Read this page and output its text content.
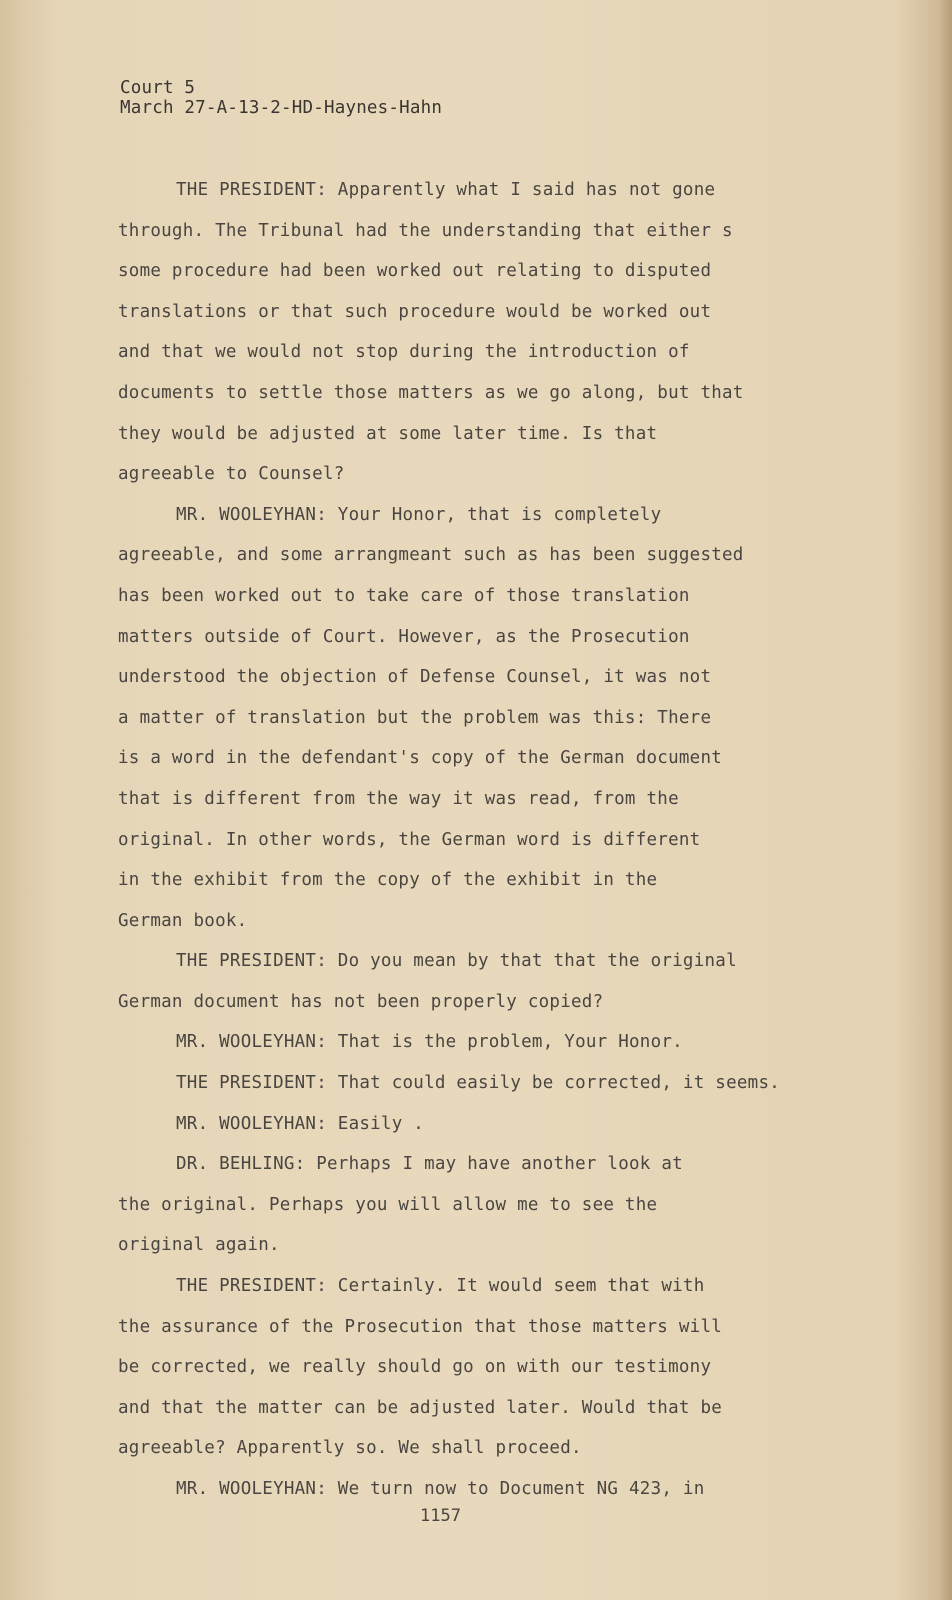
Court 5
March 27-A-13-2-HD-Haynes-Hahn
THE PRESIDENT: Apparently what I said has not gone
through. The Tribunal had the understanding that either s
some procedure had been worked out relating to disputed
translations or that such procedure would be worked out
and that we would not stop during the introduction of
documents to settle those matters as we go along, but that
they would be adjusted at some later time. Is that
agreeable to Counsel?
MR. WOOLEYHAN: Your Honor, that is completely
agreeable, and some arrangmeant such as has been suggested
has been worked out to take care of those translation
matters outside of Court. However, as the Prosecution
understood the objection of Defense Counsel, it was not
a matter of translation but the problem was this: There
is a word in the defendant's copy of the German document
that is different from the way it was read, from the
original. In other words, the German word is different
in the exhibit from the copy of the exhibit in the
German book.
THE PRESIDENT: Do you mean by that that the original
German document has not been properly copied?
MR. WOOLEYHAN: That is the problem, Your Honor.
THE PRESIDENT: That could easily be corrected, it seems.
MR. WOOLEYHAN: Easily .
DR. BEHLING: Perhaps I may have another look at
the original. Perhaps you will allow me to see the
original again.
THE PRESIDENT: Certainly. It would seem that with
the assurance of the Prosecution that those matters will
be corrected, we really should go on with our testimony
and that the matter can be adjusted later. Would that be
agreeable? Apparently so. We shall proceed.
MR. WOOLEYHAN: We turn now to Document NG 423, in
1157
